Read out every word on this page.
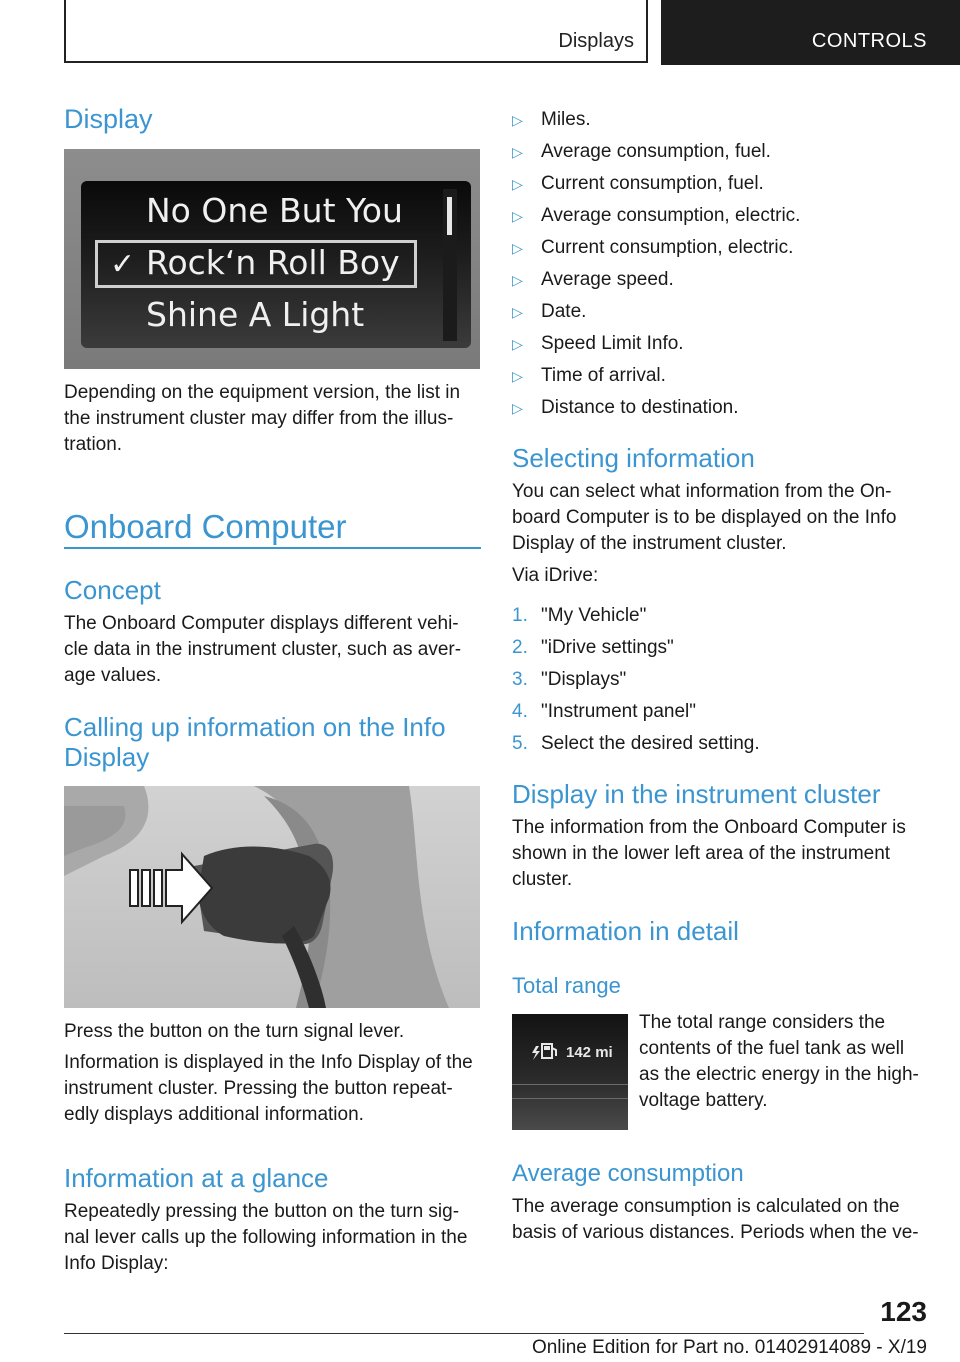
Displays	CONTROLS
Display
✓
No One But You
Rock‘n Roll Boy
Shine A Light

Depending on the equipment version, the list in

the instrument cluster may differ from the illus-

tration.

Onboard Computer
Concept

The Onboard Computer displays different vehi-

cle data in the instrument cluster, such as aver-

age values.

Calling up information on the Info
Display

Press the button on the turn signal lever.

Information is displayed in the Info Display of the

instrument cluster. Pressing the button repeat-

edly displays additional information.

Information at a glance

Repeatedly pressing the button on the turn sig-

nal lever calls up the following information in the

Info Display:

▷ Miles.
▷ Average consumption, fuel.
▷ Current consumption, fuel.
▷ Average consumption, electric.
▷ Current consumption, electric.
▷ Average speed.
▷ Date.
▷ Speed Limit Info.
▷ Time of arrival.
▷ Distance to destination.
Selecting information

You can select what information from the On-

board Computer is to be displayed on the Info

Display of the instrument cluster.

Via iDrive:

1. "My Vehicle"
2. "iDrive settings"
3. "Displays"
4. "Instrument panel"
5. Select the desired setting.
Display in the instrument cluster

The information from the Onboard Computer is

shown in the lower left area of the instrument

cluster.

Information in detail
Total range
142 mi

The total range considers the

contents of the fuel tank as well

as the electric energy in the high-

voltage battery.

Average consumption

The average consumption is calculated on the

basis of various distances. Periods when the ve-

123
Online Edition for Part no. 01402914089 - X/19
